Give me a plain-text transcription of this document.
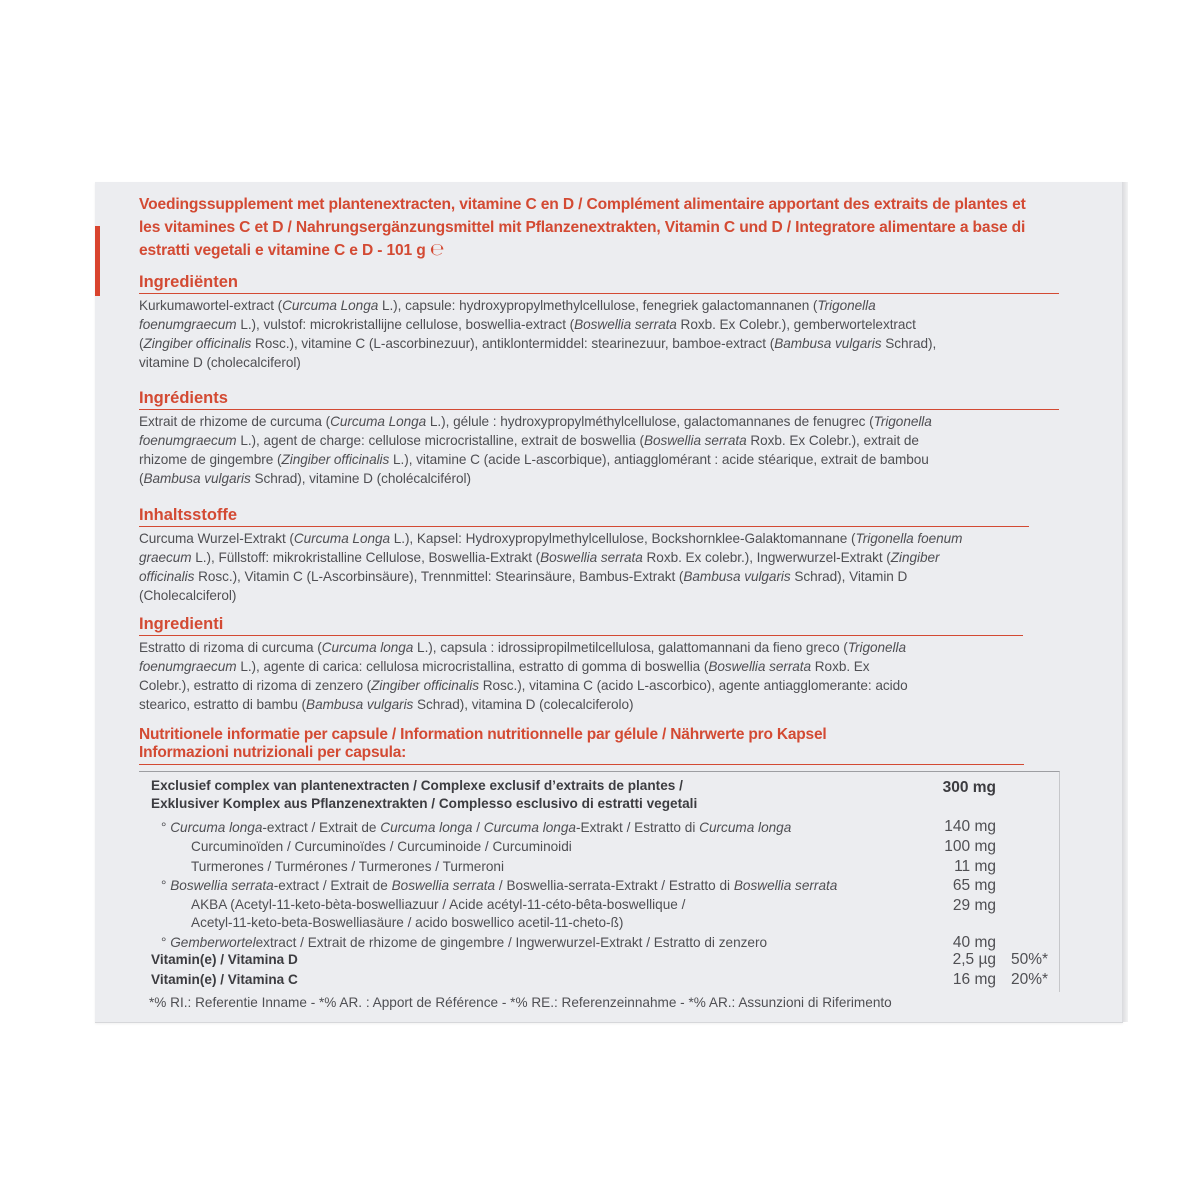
Voedingssupplement met plantenextracten, vitamine C en D / Complément alimentaire apportant des extraits de plantes et
les vitamines C et D / Nahrungsergänzungsmittel mit Pflanzenextrakten, Vitamin C und D / Integratore alimentare a base di
estratti vegetali e vitamine C e D - 101 g ℮
Ingrediënten
Kurkumawortel-extract (Curcuma Longa L.), capsule: hydroxypropylmethylcellulose, fenegriek galactomannanen (Trigonella
foenumgraecum L.), vulstof: microkristallijne cellulose, boswellia-extract (Boswellia serrata Roxb. Ex Colebr.), gemberwortelextract
(Zingiber officinalis Rosc.), vitamine C (L-ascorbinezuur), antiklontermiddel: stearinezuur, bamboe-extract (Bambusa vulgaris Schrad),
vitamine D (cholecalciferol)
Ingrédients
Extrait de rhizome de curcuma (Curcuma Longa L.), gélule : hydroxypropylméthylcellulose, galactomannanes de fenugrec (Trigonella
foenumgraecum L.), agent de charge: cellulose microcristalline, extrait de boswellia (Boswellia serrata Roxb. Ex Colebr.), extrait de
rhizome de gingembre (Zingiber officinalis L.), vitamine C (acide L-ascorbique), antiagglomérant : acide stéarique, extrait de bambou
(Bambusa vulgaris Schrad), vitamine D (cholécalciférol)
Inhaltsstoffe
Curcuma Wurzel-Extrakt (Curcuma Longa L.), Kapsel: Hydroxypropylmethylcellulose, Bockshornklee-Galaktomannane (Trigonella foenum
graecum L.), Füllstoff: mikrokristalline Cellulose, Boswellia-Extrakt (Boswellia serrata Roxb. Ex colebr.), Ingwerwurzel-Extrakt (Zingiber
officinalis Rosc.), Vitamin C (L-Ascorbinsäure), Trennmittel: Stearinsäure, Bambus-Extrakt (Bambusa vulgaris Schrad), Vitamin D
(Cholecalciferol)
Ingredienti
Estratto di rizoma di curcuma (Curcuma longa L.), capsula : idrossipropilmetilcellulosa, galattomannani da fieno greco (Trigonella
foenumgraecum L.), agente di carica: cellulosa microcristallina, estratto di gomma di boswellia (Boswellia serrata Roxb. Ex
Colebr.), estratto di rizoma di zenzero (Zingiber officinalis Rosc.), vitamina C (acido L-ascorbico), agente antiagglomerante: acido
stearico, estratto di bambu (Bambusa vulgaris Schrad), vitamina D (colecalciferolo)
Nutritionele informatie per capsule / Information nutritionnelle par gélule / Nährwerte pro Kapsel
Informazioni nutrizionali per capsula:
Exclusief complex van plantenextracten / Complexe exclusif d’extraits de plantes /
Exklusiver Komplex aus Pflanzenextrakten / Complesso esclusivo di estratti vegetali
300 mg
° Curcuma longa-extract / Extrait de Curcuma longa / Curcuma longa-Extrakt / Estratto di Curcuma longa	140 mg
Curcuminoïden / Curcuminoïdes / Curcuminoide / Curcuminoidi	100 mg
Turmerones / Turmérones / Turmerones / Turmeroni	11 mg
° Boswellia serrata-extract / Extrait de Boswellia serrata / Boswellia-serrata-Extrakt / Estratto di Boswellia serrata	65 mg
AKBA (Acetyl-11-keto-bèta-boswelliazuur / Acide acétyl-11-céto-bêta-boswellique /
Acetyl-11-keto-beta-Boswelliasäure / acido boswellico acetil-11-cheto-ß)
29 mg
° Gemberwortelextract / Extrait de rhizome de gingembre / Ingwerwurzel-Extrakt / Estratto di zenzero	40 mg
Vitamin(e) / Vitamina D	2,5 µg 50%*
Vitamin(e) / Vitamina C	16 mg 20%*
*% RI.: Referentie Inname - *% AR. : Apport de Référence - *% RE.: Referenzeinnahme - *% AR.: Assunzioni di Riferimento
